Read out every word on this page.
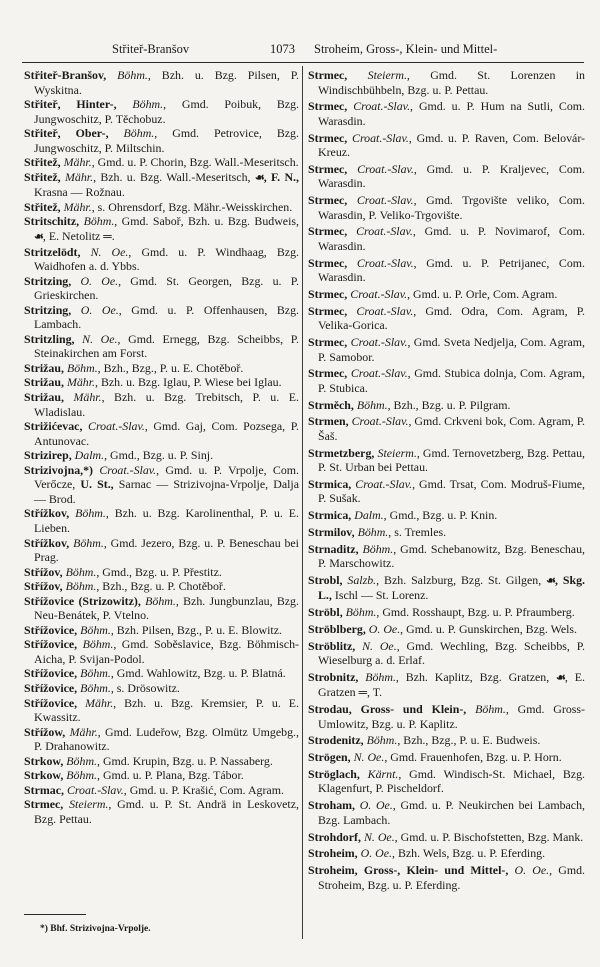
Střiteř-Branšov	1073 Stroheim, Gross-, Klein- und Mittel-

Střiteř-Branšov, Böhm., Bzh. u. Bzg. Pilsen, P. Wyskitna.

Střiteř, Hinter-, Böhm., Gmd. Poibuk, Bzg. Jungwoschitz, P. Těchobuz.

Střiteř, Ober-, Böhm., Gmd. Petrovice, Bzg. Jungwoschitz, P. Miltschin.

Střitež, Mähr., Gmd. u. P. Chorin, Bzg. Wall.-Meseritsch.

Střitež, Mähr., Bzh. u. Bzg. Wall.-Meseritsch, ☙, F. N., Krasna — Rožnau.

Střitež, Mähr., s. Ohrensdorf, Bzg. Mähr.-Weisskirchen.

Stritschitz, Böhm., Gmd. Saboř, Bzh. u. Bzg. Budweis, ☙, E. Netolitz ═.

Stritzelödt, N. Oe., Gmd. u. P. Windhaag, Bzg. Waidhofen a. d. Ybbs.

Stritzing, O. Oe., Gmd. St. Georgen, Bzg. u. P. Grieskirchen.

Stritzing, O. Oe., Gmd. u. P. Offenhausen, Bzg. Lambach.

Stritzling, N. Oe., Gmd. Ernegg, Bzg. Scheibbs, P. Steinakirchen am Forst.

Strižau, Böhm., Bzh., Bzg., P. u. E. Chotěboř.

Strižau, Mähr., Bzh. u. Bzg. Iglau, P. Wiese bei Iglau.

Strižau, Mähr., Bzh. u. Bzg. Trebitsch, P. u. E. Wladislau.

Strižićevac, Croat.-Slav., Gmd. Gaj, Com. Pozsega, P. Antunovac.

Strizirep, Dalm., Gmd., Bzg. u. P. Sinj.

Strizivojna,*) Croat.-Slav., Gmd. u. P. Vrpolje, Com. Verőcze, U. St., Sarnac — Strizivojna-Vrpolje, Dalja — Brod.

Střížkov, Böhm., Bzh. u. Bzg. Karolinenthal, P. u. E. Lieben.

Střížkov, Böhm., Gmd. Jezero, Bzg. u. P. Beneschau bei Prag.

Střížov, Böhm., Gmd., Bzg. u. P. Přestitz.

Střížov, Böhm., Bzh., Bzg. u. P. Chotěboř.

Střížovice (Strizowitz), Böhm., Bzh. Jungbunzlau, Bzg. Neu-Benátek, P. Vtelno.

Střížovice, Böhm., Bzh. Pilsen, Bzg., P. u. E. Blowitz.

Střížovice, Böhm., Gmd. Soběslavice, Bzg. Böhmisch-Aicha, P. Svijan-Podol.

Střížovice, Böhm., Gmd. Wahlowitz, Bzg. u. P. Blatná.

Střížovice, Böhm., s. Drösowitz.

Střížovice, Mähr., Bzh. u. Bzg. Kremsier, P. u. E. Kwassitz.

Střížow, Mähr., Gmd. Ludeřow, Bzg. Olmütz Umgebg., P. Drahanowitz.

Strkow, Böhm., Gmd. Krupin, Bzg. u. P. Nassaberg.

Strkow, Böhm., Gmd. u. P. Plana, Bzg. Tábor.

Strmac, Croat.-Slav., Gmd. u. P. Krašić, Com. Agram.

Strmec, Steierm., Gmd. u. P. St. Andrä in Leskovetz, Bzg. Pettau.

Strmec, Steierm., Gmd. St. Lorenzen in Windischbühbeln, Bzg. u. P. Pettau.

Strmec, Croat.-Slav., Gmd. u. P. Hum na Sutli, Com. Warasdin.

Strmec, Croat.-Slav., Gmd. u. P. Raven, Com. Belovár-Kreuz.

Strmec, Croat.-Slav., Gmd. u. P. Kraljevec, Com. Warasdin.

Strmec, Croat.-Slav., Gmd. Trgovište veliko, Com. Warasdin, P. Veliko-Trgovište.

Strmec, Croat.-Slav., Gmd. u. P. Novimarof, Com. Warasdin.

Strmec, Croat.-Slav., Gmd. u. P. Petrijanec, Com. Warasdin.

Strmec, Croat.-Slav., Gmd. u. P. Orle, Com. Agram.

Strmec, Croat.-Slav., Gmd. Odra, Com. Agram, P. Velika-Gorica.

Strmec, Croat.-Slav., Gmd. Sveta Nedjelja, Com. Agram, P. Samobor.

Strmec, Croat.-Slav., Gmd. Stubica dolnja, Com. Agram, P. Stubica.

Strměch, Böhm., Bzh., Bzg. u. P. Pilgram.

Strmen, Croat.-Slav., Gmd. Crkveni bok, Com. Agram, P. Šaš.

Strmetzberg, Steierm., Gmd. Ternovetzberg, Bzg. Pettau, P. St. Urban bei Pettau.

Strmica, Croat.-Slav., Gmd. Trsat, Com. Modruš-Fiume, P. Sušak.

Strmica, Dalm., Gmd., Bzg. u. P. Knin.

Strmilov, Böhm., s. Tremles.

Strnaditz, Böhm., Gmd. Schebanowitz, Bzg. Beneschau, P. Marschowitz.

Strobl, Salzb., Bzh. Salzburg, Bzg. St. Gilgen, ☙, Skg. L., Ischl — St. Lorenz.

Ströbl, Böhm., Gmd. Rosshaupt, Bzg. u. P. Pfraumberg.

Ströblberg, O. Oe., Gmd. u. P. Gunskirchen, Bzg. Wels.

Ströblitz, N. Oe., Gmd. Wechling, Bzg. Scheibbs, P. Wieselburg a. d. Erlaf.

Strobnitz, Böhm., Bzh. Kaplitz, Bzg. Gratzen, ☙, E. Gratzen ═, T.

Strodau, Gross- und Klein-, Böhm., Gmd. Gross-Umlowitz, Bzg. u. P. Kaplitz.

Strodenitz, Böhm., Bzh., Bzg., P. u. E. Budweis.

Strögen, N. Oe., Gmd. Frauenhofen, Bzg. u. P. Horn.

Ströglach, Kärnt., Gmd. Windisch-St. Michael, Bzg. Klagenfurt, P. Pischeldorf.

Stroham, O. Oe., Gmd. u. P. Neukirchen bei Lambach, Bzg. Lambach.

Strohdorf, N. Oe., Gmd. u. P. Bischofstetten, Bzg. Mank.

Stroheim, O. Oe., Bzh. Wels, Bzg. u. P. Eferding.

Stroheim, Gross-, Klein- und Mittel-, O. Oe., Gmd. Stroheim, Bzg. u. P. Eferding.

*) Bhf. Strizivojna-Vrpolje.
